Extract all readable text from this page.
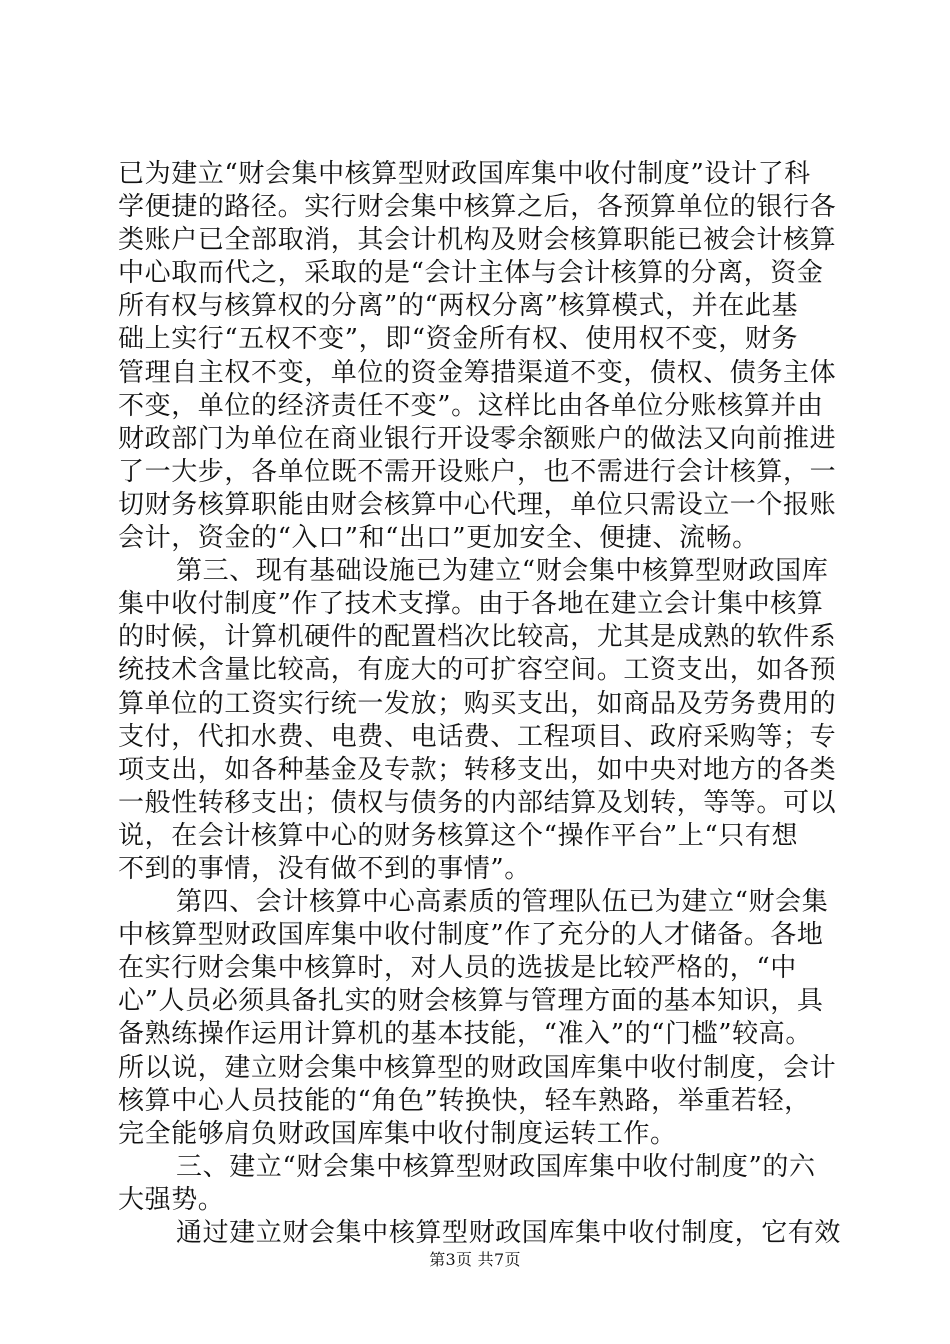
已为建立“财会集中核算型财政国库集中收付制度”设计了科
学便捷的路径。实行财会集中核算之后，各预算单位的银行各
类账户已全部取消，其会计机构及财会核算职能已被会计核算
中心取而代之，采取的是“会计主体与会计核算的分离，资金
所有权与核算权的分离”的“两权分离”核算模式，并在此基
础上实行“五权不变”，即“资金所有权、使用权不变，财务
管理自主权不变，单位的资金筹措渠道不变，债权、债务主体
不变，单位的经济责任不变”。这样比由各单位分账核算并由
财政部门为单位在商业银行开设零余额账户的做法又向前推进
了一大步，各单位既不需开设账户，也不需进行会计核算，一
切财务核算职能由财会核算中心代理，单位只需设立一个报账
会计，资金的“入口”和“出口”更加安全、便捷、流畅。
第三、现有基础设施已为建立“财会集中核算型财政国库
集中收付制度”作了技术支撑。由于各地在建立会计集中核算
的时候，计算机硬件的配置档次比较高，尤其是成熟的软件系
统技术含量比较高，有庞大的可扩容空间。工资支出，如各预
算单位的工资实行统一发放；购买支出，如商品及劳务费用的
支付，代扣水费、电费、电话费、工程项目、政府采购等；专
项支出，如各种基金及专款；转移支出，如中央对地方的各类
一般性转移支出；债权与债务的内部结算及划转，等等。可以
说，在会计核算中心的财务核算这个“操作平台”上“只有想
不到的事情，没有做不到的事情”。
第四、会计核算中心高素质的管理队伍已为建立“财会集
中核算型财政国库集中收付制度”作了充分的人才储备。各地
在实行财会集中核算时，对人员的选拔是比较严格的，“中
心”人员必须具备扎实的财会核算与管理方面的基本知识，具
备熟练操作运用计算机的基本技能，“准入”的“门槛”较高。
所以说，建立财会集中核算型的财政国库集中收付制度，会计
核算中心人员技能的“角色”转换快，轻车熟路，举重若轻，
完全能够肩负财政国库集中收付制度运转工作。
三、建立“财会集中核算型财政国库集中收付制度”的六
大强势。
通过建立财会集中核算型财政国库集中收付制度，它有效
第3页 共7页
